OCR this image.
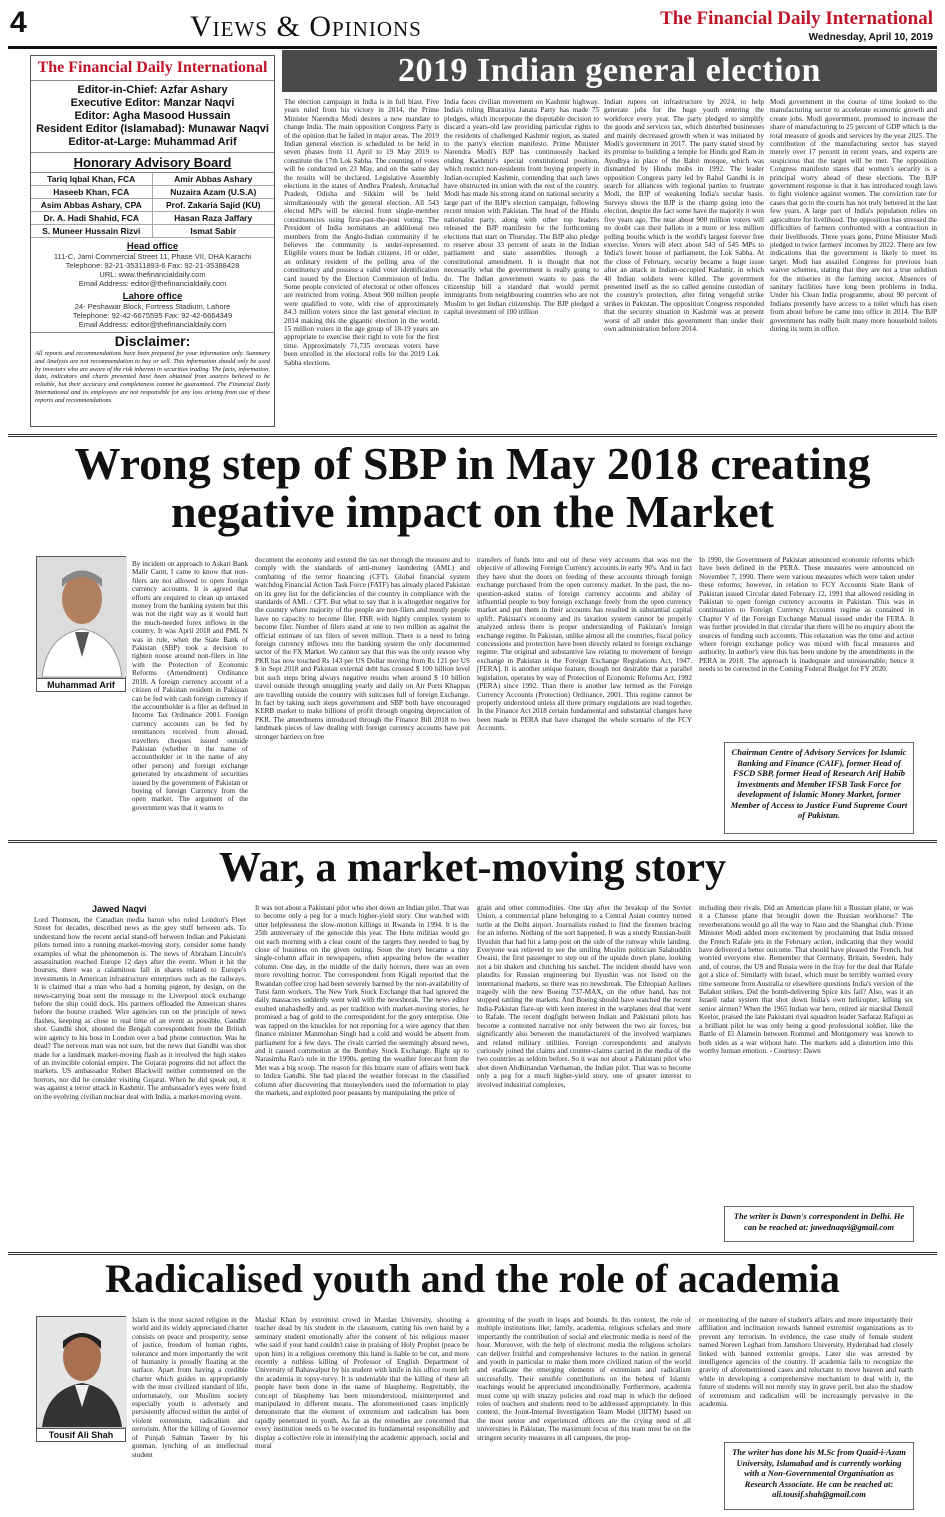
4	Views & Opinions	The Financial Daily International
Wednesday, April 10, 2019
The Financial Daily International
Editor-in-Chief: Azfar Ashary
Executive Editor: Manzar Naqvi
Editor: Agha Masood Hussain
Resident Editor (Islamabad): Munawar Naqvi
Editor-at-Large: Muhammad Arif
Honorary Advisory Board
Tariq Iqbal Khan, FCA	Amir Abbas Ashary
Haseeb Khan, FCA	Nuzaira Azam (U.S.A)
Asim Abbas Ashary, CPA	Prof. Zakaria Sajid (KU)
Dr. A. Hadi Shahid, FCA	Hasan Raza Jaffary
S. Muneer Hussain Rizvi	Ismat Sabir
Head office
111-C, Jami Commercial Street 11, Phase VII, DHA Karachi
Telephone: 92-21-35311893-6 Fax: 92-21-35388428
URL: www.thefinancialdaily.com
Email Address: editor@thefinancialdaily.com
Lahore office
24- Peshawar Block, Fortress Stadium, Lahore
Telephone: 92-42-6675595 Fax: 92-42-6664349
Email Address: editor@thefinancialdaily.com
Disclaimer:
All reports and recommendations have been prepared for your information only. Summary and Analysis are not recommendation to buy or sell. This information should only be used by investors who are aware of the risk inherent in securities trading. The facts, information, data, indicators and charts presented have been obtained from sources believed to be reliable, but their accuracy and completeness cannot be guaranteed. The Financial Daily International and its employees are not responsible for any loss arising from use of these reports and recommendations.
2019 Indian general election
The election campaign in India is in full blast. Five years ruled from his victory in 2014, the Prime Minister Narendra Modi desires a new mandate to change India. The main opposition Congress Party is of the opinion that he failed in major areas. The 2019 Indian general election is scheduled to be held in seven phases from 11 April to 19 May 2019 to constitute the 17th Lok Sabha. The counting of votes will be conducted on 23 May, and on the same day the results will be declared. Legislative Assembly elections in the states of Andhra Pradesh, Arunachal Pradesh, Odisha and Sikkim will be held simultaneously with the general election. All 543 elected MPs will be elected from single-member constituencies using first-past-the-post voting. The President of India nominates an additional two members from the Anglo-Indian community if he believes the community is under-represented. Eligible voters must be Indian citizens, 18 or older, an ordinary resident of the polling area of the constituency and possess a valid voter identification card issued by the Election Commission of India. Some people convicted of electoral or other offences are restricted from voting. About 900 million people were qualified to vote, with rise of approximately 84.3 million voters since the last general election in 2014 making this the gigantic election in the world. 15 million voters in the age group of 18-19 years are appropriate to exercise their right to vote for the first time. Approximately 71,735 overseas voters have been enrolled in the electoral rolls for the 2019 Lok Sabha elections.
India faces civilian movement on Kashmir highway. India's ruling Bharatiya Janata Party has made 75 pledges, which incorporate the disputable decision to discard a years-old law providing particular rights to the residents of challenged Kashmir region, as stated to the party's election manifesto. Prime Minister Narendra Modi's BJP has continuously backed ending Kashmir's special constitutional position, which restrict non-residents from buying property in Indian-occupied Kashmir, contending that such laws have obstructed its union with the rest of the country. Modi has made his strong stand on national security a large part of the BJP's election campaign, following recent tension with Pakistan. The head of the Hindu nationalist party, along with other top leaders released the BJP manifesto for the forthcoming elections that start on Thursday. The BJP also pledge to reserve about 33 percent of seats in the Indian parliament and state assemblies through a constitutional amendment. It is thought that not necessarily what the government is really going to do. The Indian government wants to pass the citizenship bill a standard that would permit immigrants from neighbouring countries who are not Muslim to get Indian citizenship. The BJP pledged a capital investment of 100 trillion
Indian rupees on infrastructure by 2024, to help generate jobs for the huge youth entering the workforce every year. The party pledged to simplify the goods and services tax, which disturbed businesses and mainly decreased growth when it was initiated by Modi's government in 2017. The party stated stood by its promise to building a temple for Hindu god Ram in Ayodhya in place of the Babri mosque, which was dismantled by Hindu mobs in 1992. The leader opposition Congress party led by Rahul Gandhi is in search for alliances with regional parties to frustrate Modi, the BJP of weakening India's secular basis. Surveys shows the BJP is the champ going into the election, despite the fact some have the majority it won five years ago. The near about 900 million voters will no doubt cast their ballots in a more or less million polling booths which is the world's largest forever free exercise. Voters will elect about 543 of 545 MPs to India's lower house of parliament, the Lok Sabha. At the close of February, security became a huge issue after an attack in Indian-occupied Kashmir, in which 40 Indian soldiers were killed. The government presented itself as the so called genuine custodian of the country's protection, after firing vengeful strike strikes in Pakistan. The opposition Congress responded that the security situation in Kashmir was at present worst of all under this government than under their own administration before 2014.
Modi government in the course of time looked to the manufacturing sector to accelerate economic growth and create jobs. Modi government, promised to increase the share of manufacturing to 25 percent of GDP which is the total measure of goods and services by the year 2025. The contribution of the manufacturing sector has stayed merely over 17 percent in recent years, and experts are suspicious that the target will be met. The opposition Congress manifesto states that women's security is a principal worry ahead of these elections. The BJP government response is that it has introduced tough laws to fight violence against women. The conviction rate for cases that go to the courts has not truly bettered in the last few years. A large part of India's population relies on agriculture for livelihood. The opposition has stressed the difficulties of farmers confronted with a contraction in their livelihoods. Three years gone, Prime Minister Modi pledged to twice farmers' incomes by 2022. There are few indications that the government is likely to meet its target. Modi has assailed Congress for previous loan waiver schemes, stating that they are not a true solution for the miseries in the farming sector. Absences of sanitary facilities have long been problems in India. Under his Clean India programme, about 90 percent of Indians presently have access to a toilet which has risen from about before he came into office in 2014. The BJP government has really built many more household toilets during its term in office.
Wrong step of SBP in May 2018 creating negative impact on the Market
Muhammad Arif
By incident on approach to Askari Bank Malir Cantt, I came to know that non-filers are not allowed to open foreign currency accounts. It is agreed that efforts are required to clean up untaxed money from the banking system but this was not the right way as it would hurt the much-needed forex inflows in the country. It was April 2018 and PML N was in rule, when the State Bank of Pakistan (SBP) took a decision to tighten noose around non-filers in line with the Protection of Economic Reforms (Amendment) Ordinance 2018. A foreign currency account of a citizen of Pakistan resident in Pakistan can be fed with cash foreign currency if the accountholder is a filer as defined in Income Tax Ordinance 2001. Foreign currency accounts can be fed by remittances received from abroad, travellers cheques issued outside Pakistan (whether in the name of accountholder or in the name of any other person) and foreign exchange generated by encashment of securities issued by the government of Pakistan or buying of foreign Currency from the open market. The argument of the government was that it wants to
document the economy and extend the tax net through the measure and to comply with the standards of anti-money laundering (AML) and combating of the terror financing (CFT). Global financial system watchdog Financial Action Task Force (FATF) has already placed Pakistan on its grey list for the deficiencies of the country in compliance with the standards of AML / CFT. But what to say that it is altogether negative for the country where majority of the people are non-filers and mostly people have no capacity to become filer. FBR with highly complex system to become filer. Number of filers stand at one to two million as against the official estimate of tax filers of seven million. There is a need to bring foreign currency inflows into the banking system the only documented sector of the FX Market. We cannot say that this was the only reason why PKR has now touched Rs 143 per US Dollar moving from Rs 121 per US $ in Sept 2018 and Pakistan external debt has crossed $ 100 billion level but such steps bring always negative results when around $ 10 billion travel outside through smuggling yearly and daily on Air Ports Khappas are travelling outside the country with suitcases full of foreign Exchange. In fact by taking such steps government and SBP both have encouraged KERB market to make billions of profit through ongoing depreciation of PKR. The amendments introduced through the Finance Bill 2018 to two landmark pieces of law dealing with foreign currency accounts have put stronger barriers on free
transfers of funds into and out of these very accounts that was not the objective of allowing Foreign Currency accounts in early 90's. And in fact they have shut the doors on feeding of these accounts through foreign exchange purchased from the open currency market. In the past, the no-question-asked status of foreign currency accounts and ability of influential people to buy foreign exchange freely from the open currency market and put them in their accounts has resulted in substantial capital uplift. Pakistan's economy and its taxation system cannot be properly analyzed unless there is proper understanding of Pakistan's foreign exchange regime. In Pakistan, unlike almost all the countries, fiscal policy concessions and protection have been directly related to foreign exchange regime. The original and substantive law relating to movement of foreign exchange in Pakistan is the Foreign Exchange Regulations Act, 1947. [FERA]. It is another unique feature, though not desirable that a parallel legislation, operates by way of Protection of Economic Reforms Act, 1992 (PERA) since 1992. Than there is another law termed as the Foreign Currency Accounts (Protection) Ordinance, 2001. This regime cannot be properly understood unless all three primary regulations are read together. In the Finance Act 2018 certain fundamental and substantial changes have been made in PERA that have changed the whole scenario of the FCY Accounts.
In 1990, the Government of Pakistan announced economic reforms which have been defined in the PERA. These measures were announced on November 7, 1990. There were various measures which were taken under these reforms; however, in relation to FCY Accounts State Bank of Pakistan issued Circular dated February 12, 1991 that allowed residing in Pakistan to open foreign currency accounts in Pakistan. This was in continuation to Foreign Currency Accounts regime as contained in Chapter V of the Foreign Exchange Manual issued under the FERA. It was further provided in that circular that there will be no enquiry about the sources of funding such accounts. This relaxation was the time and action where foreign exchange policy was mixed with fiscal measures and authority. In author's view this has been undone by the amendments in the PERA in 2018. The approach is inadequate and unreasonable; hence it needs to be corrected in the Coming Federal Budget for FY 2020.
Chairman Centre of Advisory Services for Islamic Banking and Finance (CAIF), former Head of FSCD SBP, former Head of Research Arif Habib Investments and Member IFSB Task Force for development of Islamic Money Market, former Member of Access to Justice Fund Supreme Court of Pakistan.
War, a market-moving story
Jawed Naqvi
Lord Thomson, the Canadian media baron who ruled London's Fleet Street for decades, described news as the grey stuff between ads. To understand how the recent aerial stand-off between Indian and Pakistani pilots turned into a running market-moving story, consider some handy examples of what the phenomenon is. The news of Abraham Lincoln's assassination reached Europe 12 days after the event. When it hit the bourses, there was a calamitous fall in shares related to Europe's investments in American infrastructure enterprises such as the railways. It is claimed that a man who had a homing pigeon, by design, on the news-carrying boat sent the message to the Liverpool stock exchange before the ship could dock. His partners offloaded the American shares before the bourse crashed. Wire agencies run on the principle of news flashes, keeping as close to real time of an event as possible. Gandhi shot. Gandhi shot, shouted the Bengali correspondent from the British wire agency to his boss in London over a bad phone connection. Was he dead? The nervous man was not sure, but the news that Gandhi was shot made for a landmark market-moving flash as it involved the high stakes of an invincible colonial empire. The Gujarat pogroms did not affect the markets. US ambassador Robert Blackwill neither commented on the horrors, nor did he consider visiting Gujarat. When he did speak out, it was against a terror attack in Kashmir. The ambassador's eyes were fixed on the evolving civilian nuclear deal with India, a market-moving event.
It was not about a Pakistani pilot who shot down an Indian pilot. That was to become only a peg for a much higher-yield story. One watched with utter helplessness the slow-motion killings in Rwanda in 1994. It is the 25th anniversary of the genocide this year. The Hutu militias would go out each morning with a clear count of the targets they needed to bag by close of business on the given outing. Soon the story became a tiny single-column affair in newspapers, often appearing below the weather column. One day, in the middle of the daily horrors, there was an even more revolting horror. The correspondent from Kigali reported that the Rwandan coffee crop had been severely harmed by the non-availability of Tutsi farm workers. The New York Stock Exchange that had ignored the daily massacres suddenly went wild with the newsbreak. The news editor exulted unabashedly and, as per tradition with market-moving stories, he promised a bag of gold to the correspondent for the gory enterprise. One was rapped on the knuckles for not reporting for a wire agency that then finance minister Manmohan Singh had a cold and would be absent from parliament for a few days. The rivals carried the seemingly absurd news, and it caused commotion at the Bombay Stock Exchange. Right up to Narasimha Rao's rule in the 1990s, getting the weather forecast from the Met was a big scoop. The reason for this bizarre state of affairs went back to Indira Gandhi. She had placed the weather forecast in the classified column after discovering that moneylenders used the information to play the markets, and exploited poor peasants by manipulating the price of
grain and other commodities. One day after the breakup of the Soviet Union, a commercial plane belonging to a Central Asian country turned turtle at the Delhi airport. Journalists rushed to find the firemen bracing for an inferno. Nothing of the sort happened. It was a sturdy Russian-built Ilyushin that had hit a lamp post on the side of the runway while landing. Everyone was relieved to see the smiling Muslim politician Salahuddin Owaisi, the first passenger to step out of the upside down plane, looking not a bit shaken and clutching his satchel. The incident should have won plaudits for Russian engineering but Ilyushin was not listed on the international markets, so there was no newsbreak. The Ethiopian Airlines tragedy with the new Boeing 737-MAX, on the other hand, has not stopped rattling the markets. And Boeing should have watched the recent India-Pakistan flare-up with keen interest in the warplanes deal that went to Rafale. The recent dogfight between Indian and Pakistani pilots has become a contested narrative not only between the two air forces, but significantly also between the manufacturers of the involved warplanes and related military utilities. Foreign correspondents and analysts curiously joined the claims and counter-claims carried in the media of the two countries as seldom before. So it was not about a Pakistani pilot who shot down Abdhinandan Varthaman, the Indian pilot. That was to become only a peg for a much higher-yield story, one of greater interest to involved industrial complexes,
including their rivals. Did an American plane hit a Russian plane, or was it a Chinese plane that brought down the Russian workhorse? The reverberations would go all the way to Nato and the Shanghai club. Prime Minister Modi added more excitement by proclaiming that India missed the French Rafale jets in the February action, indicating that they would have delivered a better outcome. That should have pleased the French, but worried everyone else. Remember that Germany, Britain, Sweden, Italy and, of course, the US and Russia were in the fray for the deal that Rafale got a slice of. Similarly with Israel, which must be terribly worried every time someone from Australia or elsewhere questions India's version of the Balakot strikes. Did the bomb-delivering Spice kits fail? Also, was it an Israeli radar system that shot down India's own helicopter, killing six senior airmen? When the 1965 Indian war hero, retired air marshal Denzil Keelor, praised the late Pakistani rival squadron leader Sarfaraz Rafiqui as a brilliant pilot he was only being a good professional soldier, like the Battle of El Alamein between Rommel and Montgomery was known to both sides as a war without hate. The markets add a distortion into this worthy human emotion. - Courtesy: Dawn
The writer is Dawn's correspondent in Delhi. He can be reached at: jawednaqvi@gmail.com
Radicalised youth and the role of academia
Tousif Ali Shah
Islam is the most sacred religion in the world and its widely appreciated charter consists on peace and prosperity, sense of justice, freedom of human rights, tolerance and more importantly the writ of humanity is proudly floating at the surface. Apart from having a credible charter which guides us appropriately with the most civilized standard of life, unfortunately, our Muslims society especially youth is adversely and persistently affected within the ambit of violent extremism, radicalism and terrorism. After the killing of Governor of Punjab Salman Taseer by his gunman, lynching of an intellectual student
Mashal Khan by extremist crowd in Mardan University, shooting a teacher dead by his student in the classroom, cutting his own hand by a seminary student emotionally after the consent of his religious master who said if your hand couldn't raise in praising of Holy Prophet (peace be upon him) in a religious ceremony this hand is liable to be cut, and more recently a ruthless killing of Professor of English Department of University of Bahawalpur by his student with knife in his office room left the academia in topsy-turvy. It is undeniable that the killing of these all people have been done in the name of blasphemy. Regrettably, the concept of blasphemy has been misunderstood, misinterpreted and manipulated in different means. The aforementioned cases implicitly demonstrate that the element of extremism and radicalism has been rapidly penetrated in youth. As far as the remedies are concerned that every institution needs to be executed its fundamental responsibility and display a collective role in intensifying the academic approach, social and moral
grooming of the youth in leaps and bounds. In this context, the role of multiple institutions like; family, academia, religious scholars and more importantly the contribution of social and electronic media is need of the hour. Moreover, with the help of electronic media the religious scholars can deliver fruitful and comprehensive lectures to the nation in general and youth in particular to make them more civilized nation of the world and eradicate the emerging elements of extremism and radicalism successfully. Their sensible contributions on the behest of Islamic teachings would be appreciated unconditionally. Furthermore, academia must come up with snazzy policies and road map in which the defined roles of teachers and students need to be addressed appropriately. In this context, the Joint-Internal Investigation Team Model (JIITM) based on the most senior and experienced officers are the crying need of all universities in Pakistan. The maximum focus of this team must be on the stringent security measures in all campuses, the prop-
er monitoring of the nature of student's affairs and more importantly their affiliation and inclination towards banned extremist organizations as to prevent any terrorism. In evidence, the case study of female student named Noreen Leghari from Jamshoro University, Hyderabad had closely linked with banned extremist groups. Later she was arrested by intelligence agencies of the country. If academia fails to recognize the gravity of aforementioned cases and reluctant to move heaven and earth while in developing a comprehensive mechanism to deal with it, the future of students will not merely stay in grave peril, but also the shadow of extremism and radicalism will be increasingly pervasive in the academia.
The writer has done his M.Sc from Quaid-i-Azam University, Islamabad and is currently working with a Non-Governmental Organisation as Research Associate. He can be reached at: ali.tousif.shah@gmail.com
